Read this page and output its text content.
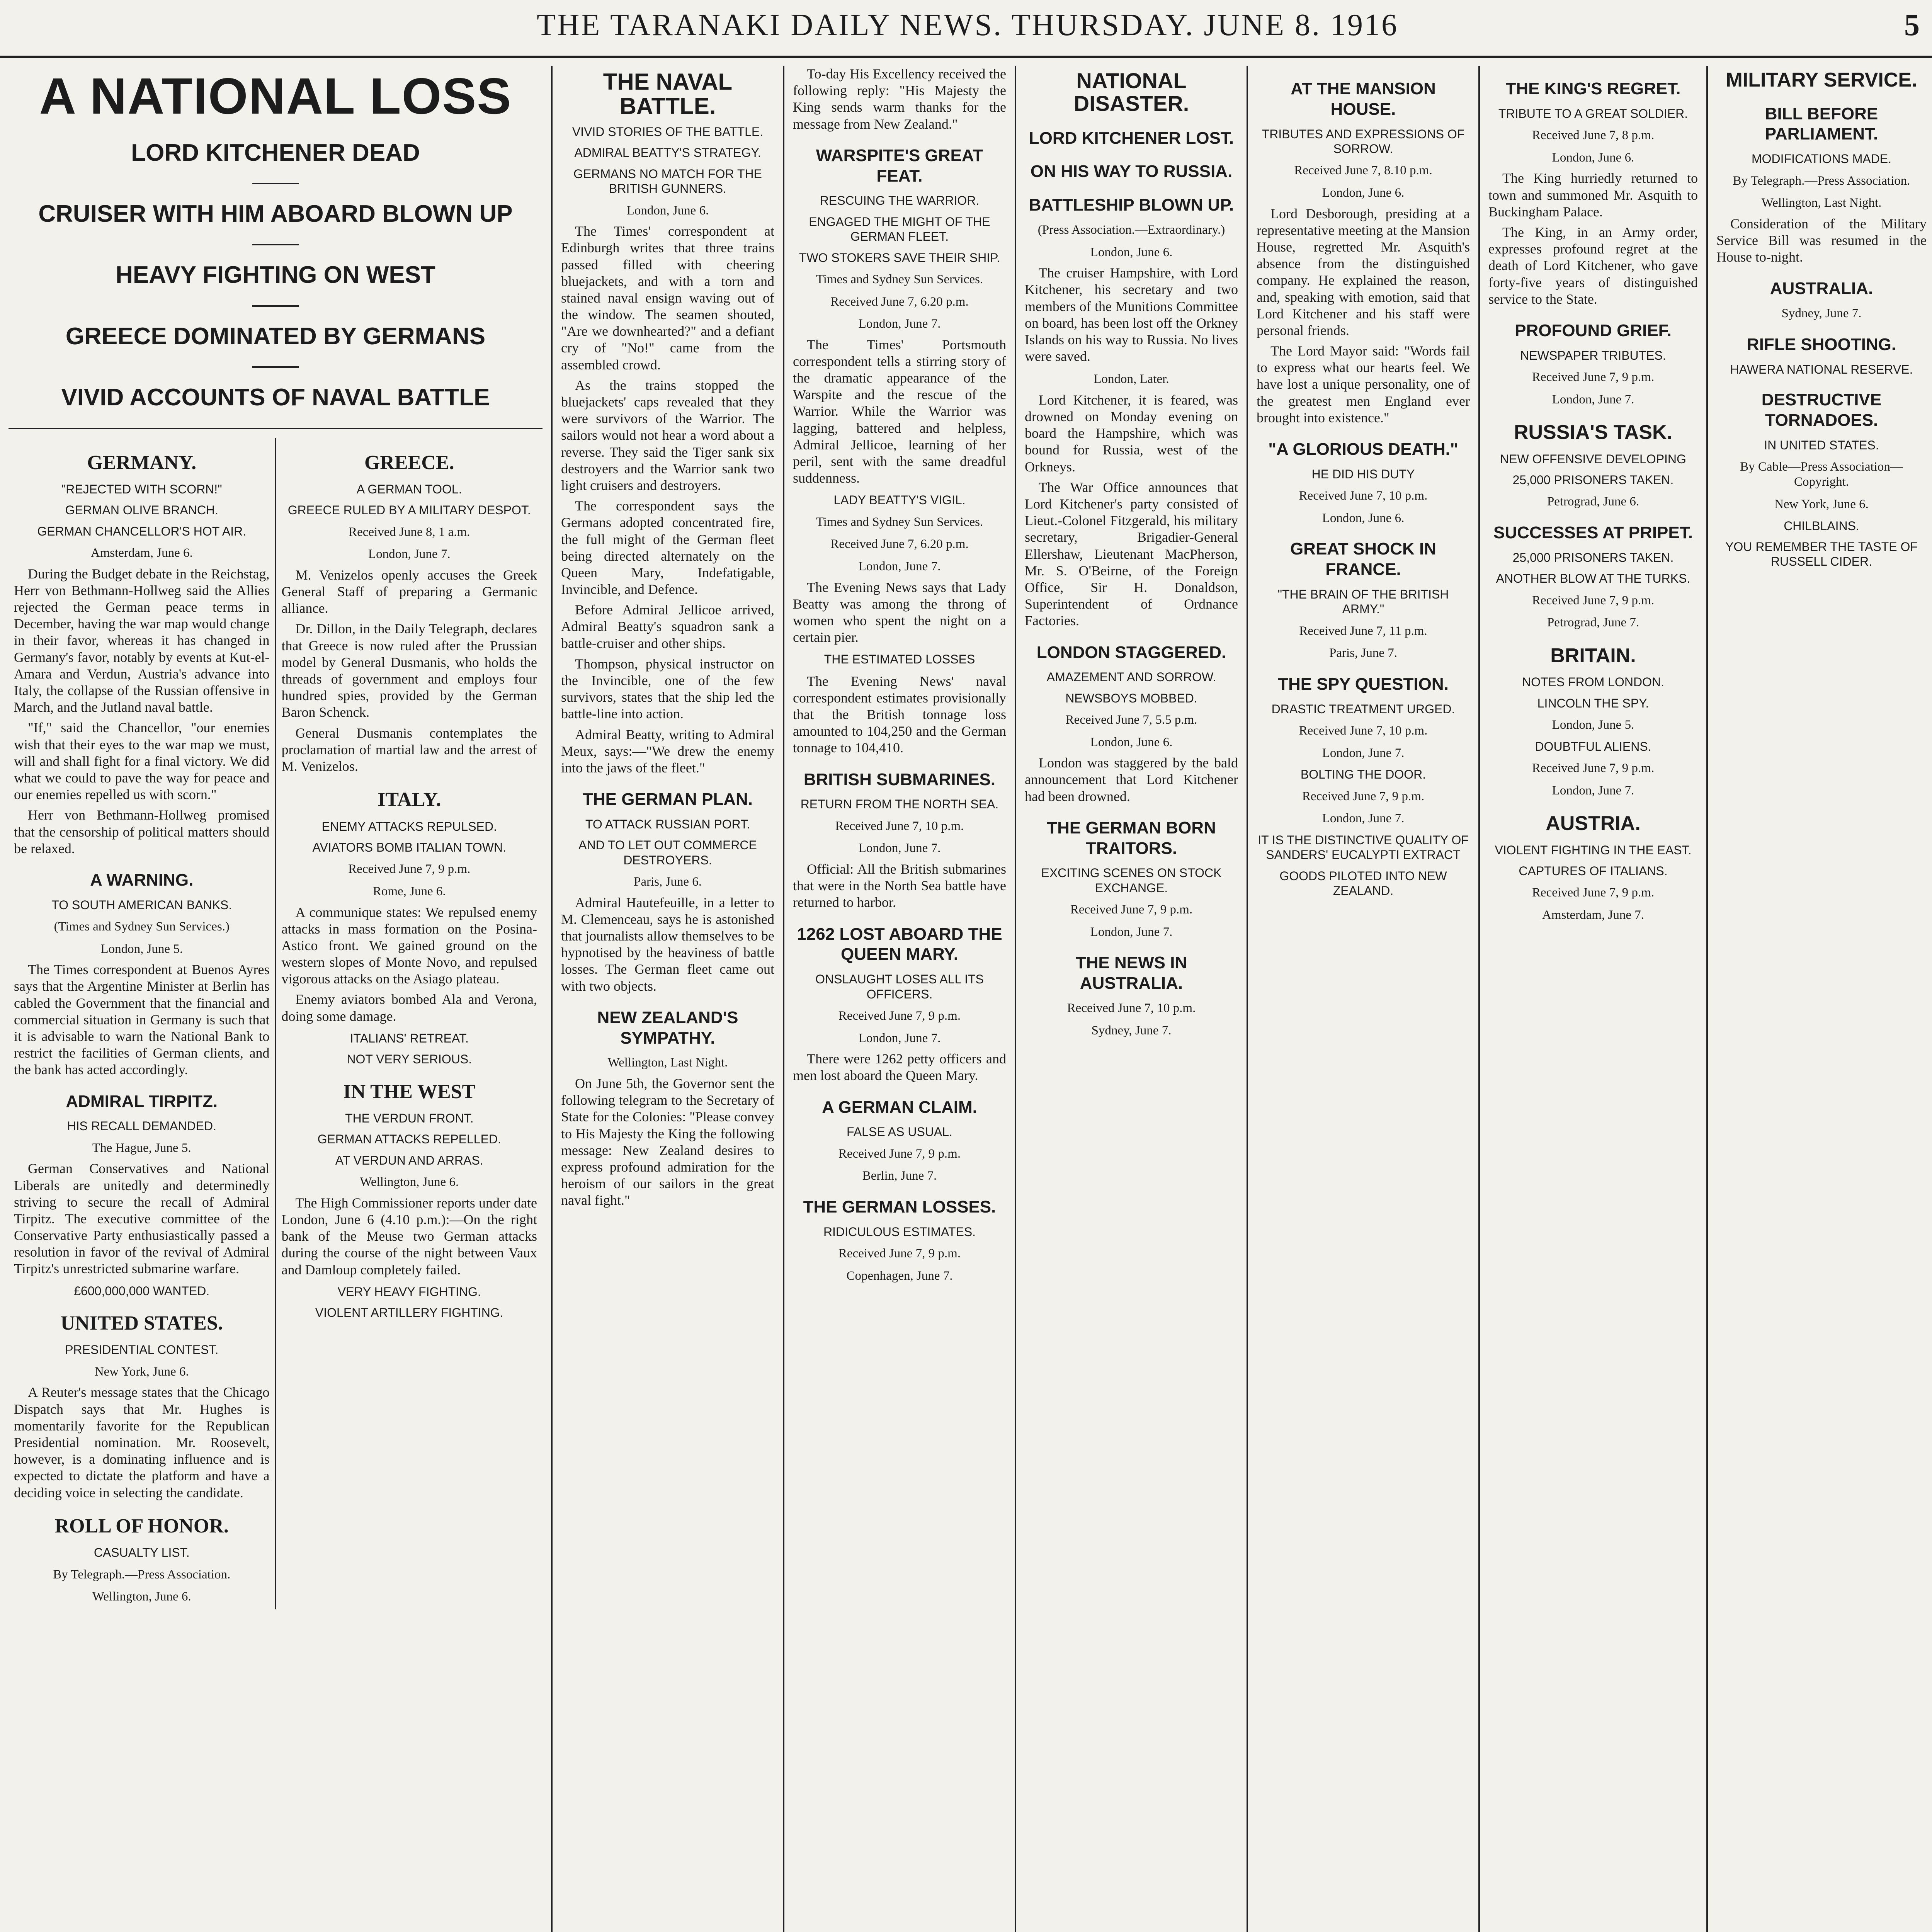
THE TARANAKI DAILY NEWS. THURSDAY. JUNE 8. 1916	5
A NATIONAL LOSS
LORD KITCHENER DEAD
CRUISER WITH HIM ABOARD BLOWN UP
HEAVY FIGHTING ON WEST
GREECE DOMINATED BY GERMANS
VIVID ACCOUNTS OF NAVAL BATTLE
GERMANY.
"REJECTED WITH SCORN!"
GERMAN OLIVE BRANCH.
GERMAN CHANCELLOR'S HOT AIR.
Amsterdam, June 6.

During the Budget debate in the Reichstag, Herr von Bethmann-Hollweg said the Allies rejected the German peace terms in December, having the war map would change in their favor, whereas it has changed in Germany's favor, notably by events at Kut-el-Amara and Verdun, Austria's advance into Italy, the collapse of the Russian offensive in March, and the Jutland naval battle.

"If," said the Chancellor, "our enemies wish that their eyes to the war map we must, will and shall fight for a final victory. We did what we could to pave the way for peace and our enemies repelled us with scorn."

Herr von Bethmann-Hollweg promised that the censorship of political matters should be relaxed.

A WARNING.
TO SOUTH AMERICAN BANKS.
(Times and Sydney Sun Services.)
London, June 5.

The Times correspondent at Buenos Ayres says that the Argentine Minister at Berlin has cabled the Government that the financial and commercial situation in Germany is such that it is advisable to warn the National Bank to restrict the facilities of German clients, and the bank has acted accordingly.

ADMIRAL TIRPITZ.
HIS RECALL DEMANDED.
The Hague, June 5.

German Conservatives and National Liberals are unitedly and determinedly striving to secure the recall of Admiral Tirpitz. The executive committee of the Conservative Party enthusiastically passed a resolution in favor of the revival of Admiral Tirpitz's unrestricted submarine warfare.

£600,000,000 WANTED.
UNITED STATES.
PRESIDENTIAL CONTEST.
New York, June 6.

A Reuter's message states that the Chicago Dispatch says that Mr. Hughes is momentarily favorite for the Republican Presidential nomination. Mr. Roosevelt, however, is a dominating influence and is expected to dictate the platform and have a deciding voice in selecting the candidate.

ROLL OF HONOR.
CASUALTY LIST.
By Telegraph.—Press Association.
Wellington, June 6.
GREECE.
A GERMAN TOOL.
GREECE RULED BY A MILITARY DESPOT.
Received June 8, 1 a.m.
London, June 7.

M. Venizelos openly accuses the Greek General Staff of preparing a Germanic alliance.

Dr. Dillon, in the Daily Telegraph, declares that Greece is now ruled after the Prussian model by General Dusmanis, who holds the threads of government and employs four hundred spies, provided by the German Baron Schenck.

General Dusmanis contemplates the proclamation of martial law and the arrest of M. Venizelos.

ITALY.
ENEMY ATTACKS REPULSED.
AVIATORS BOMB ITALIAN TOWN.
Received June 7, 9 p.m.
Rome, June 6.

A communique states: We repulsed enemy attacks in mass formation on the Posina-Astico front. We gained ground on the western slopes of Monte Novo, and repulsed vigorous attacks on the Asiago plateau.

Enemy aviators bombed Ala and Verona, doing some damage.

ITALIANS' RETREAT.
NOT VERY SERIOUS.
IN THE WEST
THE VERDUN FRONT.
GERMAN ATTACKS REPELLED.
AT VERDUN AND ARRAS.
Wellington, June 6.

The High Commissioner reports under date London, June 6 (4.10 p.m.):—On the right bank of the Meuse two German attacks during the course of the night between Vaux and Damloup completely failed.

VERY HEAVY FIGHTING.
VIOLENT ARTILLERY FIGHTING.
THE NAVAL BATTLE.
VIVID STORIES OF THE BATTLE.
ADMIRAL BEATTY'S STRATEGY.
GERMANS NO MATCH FOR THE BRITISH GUNNERS.
London, June 6.

The Times' correspondent at Edinburgh writes that three trains passed filled with cheering bluejackets, and with a torn and stained naval ensign waving out of the window. The seamen shouted, "Are we downhearted?" and a defiant cry of "No!" came from the assembled crowd.

As the trains stopped the bluejackets' caps revealed that they were survivors of the Warrior. The sailors would not hear a word about a reverse. They said the Tiger sank six destroyers and the Warrior sank two light cruisers and destroyers.

The correspondent says the Germans adopted concentrated fire, the full might of the German fleet being directed alternately on the Queen Mary, Indefatigable, Invincible, and Defence.

Before Admiral Jellicoe arrived, Admiral Beatty's squadron sank a battle-cruiser and other ships.

Thompson, physical instructor on the Invincible, one of the few survivors, states that the ship led the battle-line into action.

Admiral Beatty, writing to Admiral Meux, says:—"We drew the enemy into the jaws of the fleet."

THE GERMAN PLAN.
TO ATTACK RUSSIAN PORT.
AND TO LET OUT COMMERCE DESTROYERS.
Paris, June 6.

Admiral Hautefeuille, in a letter to M. Clemenceau, says he is astonished that journalists allow themselves to be hypnotised by the heaviness of battle losses. The German fleet came out with two objects.

NEW ZEALAND'S SYMPATHY.
Wellington, Last Night.

On June 5th, the Governor sent the following telegram to the Secretary of State for the Colonies: "Please convey to His Majesty the King the following message: New Zealand desires to express profound admiration for the heroism of our sailors in the great naval fight."

To-day His Excellency received the following reply: "His Majesty the King sends warm thanks for the message from New Zealand."

WARSPITE'S GREAT FEAT.
RESCUING THE WARRIOR.
ENGAGED THE MIGHT OF THE GERMAN FLEET.
TWO STOKERS SAVE THEIR SHIP.
Times and Sydney Sun Services.
Received June 7, 6.20 p.m.
London, June 7.

The Times' Portsmouth correspondent tells a stirring story of the dramatic appearance of the Warspite and the rescue of the Warrior. While the Warrior was lagging, battered and helpless, Admiral Jellicoe, learning of her peril, sent with the same dreadful suddenness.

LADY BEATTY'S VIGIL.
Times and Sydney Sun Services.
Received June 7, 6.20 p.m.
London, June 7.

The Evening News says that Lady Beatty was among the throng of women who spent the night on a certain pier.

THE ESTIMATED LOSSES

The Evening News' naval correspondent estimates provisionally that the British tonnage loss amounted to 104,250 and the German tonnage to 104,410.

BRITISH SUBMARINES.
RETURN FROM THE NORTH SEA.
Received June 7, 10 p.m.
London, June 7.

Official: All the British submarines that were in the North Sea battle have returned to harbor.

1262 LOST ABOARD THE QUEEN MARY.
ONSLAUGHT LOSES ALL ITS OFFICERS.
Received June 7, 9 p.m.
London, June 7.

There were 1262 petty officers and men lost aboard the Queen Mary.

A GERMAN CLAIM.
FALSE AS USUAL.
Received June 7, 9 p.m.
Berlin, June 7.
THE GERMAN LOSSES.
RIDICULOUS ESTIMATES.
Received June 7, 9 p.m.
Copenhagen, June 7.
NATIONAL DISASTER.
LORD KITCHENER LOST.
ON HIS WAY TO RUSSIA.
BATTLESHIP BLOWN UP.
(Press Association.—Extraordinary.)
London, June 6.

The cruiser Hampshire, with Lord Kitchener, his secretary and two members of the Munitions Committee on board, has been lost off the Orkney Islands on his way to Russia. No lives were saved.

London, Later.

Lord Kitchener, it is feared, was drowned on Monday evening on board the Hampshire, which was bound for Russia, west of the Orkneys.

The War Office announces that Lord Kitchener's party consisted of Lieut.-Colonel Fitzgerald, his military secretary, Brigadier-General Ellershaw, Lieutenant MacPherson, Mr. S. O'Beirne, of the Foreign Office, Sir H. Donaldson, Superintendent of Ordnance Factories.

LONDON STAGGERED.
AMAZEMENT AND SORROW.
NEWSBOYS MOBBED.
Received June 7, 5.5 p.m.
London, June 6.

London was staggered by the bald announcement that Lord Kitchener had been drowned.

THE GERMAN BORN TRAITORS.
EXCITING SCENES ON STOCK EXCHANGE.
Received June 7, 9 p.m.
London, June 7.
THE NEWS IN AUSTRALIA.
Received June 7, 10 p.m.
Sydney, June 7.
AT THE MANSION HOUSE.
TRIBUTES AND EXPRESSIONS OF SORROW.
Received June 7, 8.10 p.m.
London, June 6.

Lord Desborough, presiding at a representative meeting at the Mansion House, regretted Mr. Asquith's absence from the distinguished company. He explained the reason, and, speaking with emotion, said that Lord Kitchener and his staff were personal friends.

The Lord Mayor said: "Words fail to express what our hearts feel. We have lost a unique personality, one of the greatest men England ever brought into existence."

"A GLORIOUS DEATH."
HE DID HIS DUTY
Received June 7, 10 p.m.
London, June 6.
GREAT SHOCK IN FRANCE.
"THE BRAIN OF THE BRITISH ARMY."
Received June 7, 11 p.m.
Paris, June 7.
THE SPY QUESTION.
DRASTIC TREATMENT URGED.
Received June 7, 10 p.m.
London, June 7.
BOLTING THE DOOR.
Received June 7, 9 p.m.
London, June 7.
IT IS THE DISTINCTIVE QUALITY OF SANDERS' EUCALYPTI EXTRACT
GOODS PILOTED INTO NEW ZEALAND.
THE KING'S REGRET.
TRIBUTE TO A GREAT SOLDIER.
Received June 7, 8 p.m.
London, June 6.

The King hurriedly returned to town and summoned Mr. Asquith to Buckingham Palace.

The King, in an Army order, expresses profound regret at the death of Lord Kitchener, who gave forty-five years of distinguished service to the State.

PROFOUND GRIEF.
NEWSPAPER TRIBUTES.
Received June 7, 9 p.m.
London, June 7.
RUSSIA'S TASK.
NEW OFFENSIVE DEVELOPING
25,000 PRISONERS TAKEN.
Petrograd, June 6.
SUCCESSES AT PRIPET.
25,000 PRISONERS TAKEN.
ANOTHER BLOW AT THE TURKS.
Received June 7, 9 p.m.
Petrograd, June 7.
BRITAIN.
NOTES FROM LONDON.
LINCOLN THE SPY.
London, June 5.
DOUBTFUL ALIENS.
Received June 7, 9 p.m.
London, June 7.
AUSTRIA.
VIOLENT FIGHTING IN THE EAST.
CAPTURES OF ITALIANS.
Received June 7, 9 p.m.
Amsterdam, June 7.
MILITARY SERVICE.
BILL BEFORE PARLIAMENT.
MODIFICATIONS MADE.
By Telegraph.—Press Association.
Wellington, Last Night.

Consideration of the Military Service Bill was resumed in the House to-night.

AUSTRALIA.
Sydney, June 7.
RIFLE SHOOTING.
HAWERA NATIONAL RESERVE.
DESTRUCTIVE TORNADOES.
IN UNITED STATES.
By Cable—Press Association—Copyright.
New York, June 6.
CHILBLAINS.
YOU REMEMBER THE TASTE OF RUSSELL CIDER.
